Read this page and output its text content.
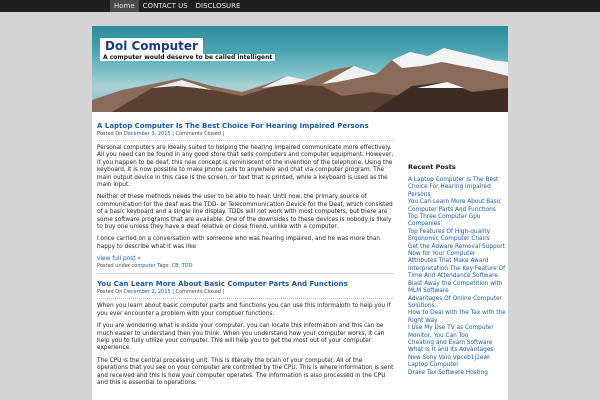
Home	CONTACT US	DISCLOSURE
Dol Computer
A computer would deserve to be called intelligent
A Laptop Computer Is The Best Choice For Hearing Impaired Persons
Posted On December 3, 2015 | Comments Closed |

Personal computers are ideally suited to helping the hearing impaired communicate more effectively. All you need can be found in any good store that sells computers and computer equipment. However, if you happen to be deaf, this new concept is reminiscent of the invention of the telephone. Using the keyboard, it is now possible to make phone calls to anywhere and chat via computer program. The main output device in this case is the screen, or text that is printed, while a keyboard is used as the main input.

Neither of these methods needs the user to be able to hear. Until now, the primary source of communication for the deaf was the TDD- or Telecommunication Device for the Deaf, which consisted of a basic keyboard and a single line display. TDDs will not work with most computers, but there are some software programs that are available. One of the downsides to these devices is nobody is likely to buy one unless they have a deaf relative or close friend, unlike with a computer.

I once carried on a conversation with someone who was hearing impaired, and he was more than happy to describe what it was like

view full post »
Posted under computer Tags: CB, TDD
You Can Learn More About Basic Computer Parts And Functions
Posted On December 2, 2015 | Comments Closed |

When you learn about basic computer parts and functions you can use this informaiotn to help you if you ever encounter a problem with your comptuer functions.

If you are wondering what is inside your computer, you can locate this information and this can be much easier to understand then you think. When you understand how your computer works, it can help you to fully utilize your computer. This will help you to get the most out of your computer experience.

The CPU is the central processing unit. This is literally the brain of your computer. All of the operations that you see on your computer are controlled by the CPU. This is where information is sent and received and this is how your computer operates. The information is also processed in the CPU and this is essential to operations.

Recent Posts
A Laptop Computer Is The Best Choice For Hearing Impaired Persons
You Can Learn More About Basic Computer Parts And Functions
Top Three Computer Gpu Companies
Top Features Of High-quality Ergonomic Computer Chairs
Get the Adware Removal Support Now for Your Computer
Attributes That Make Award Interpretation The Key Feature Of Time And Attendance Software
Blast Away the Competition with MLM Software
Advantages Of Online Computer Solutions
How to Deal with the Tax with the Right Way
I Use My Use TV as Computer Monitor, You Can Too
Cheating and Exam Software
What Is It and Its Advantages
New Sony Vaio Vpceb1j1ewi Laptop Computer
Drake Tax Software Hosting
